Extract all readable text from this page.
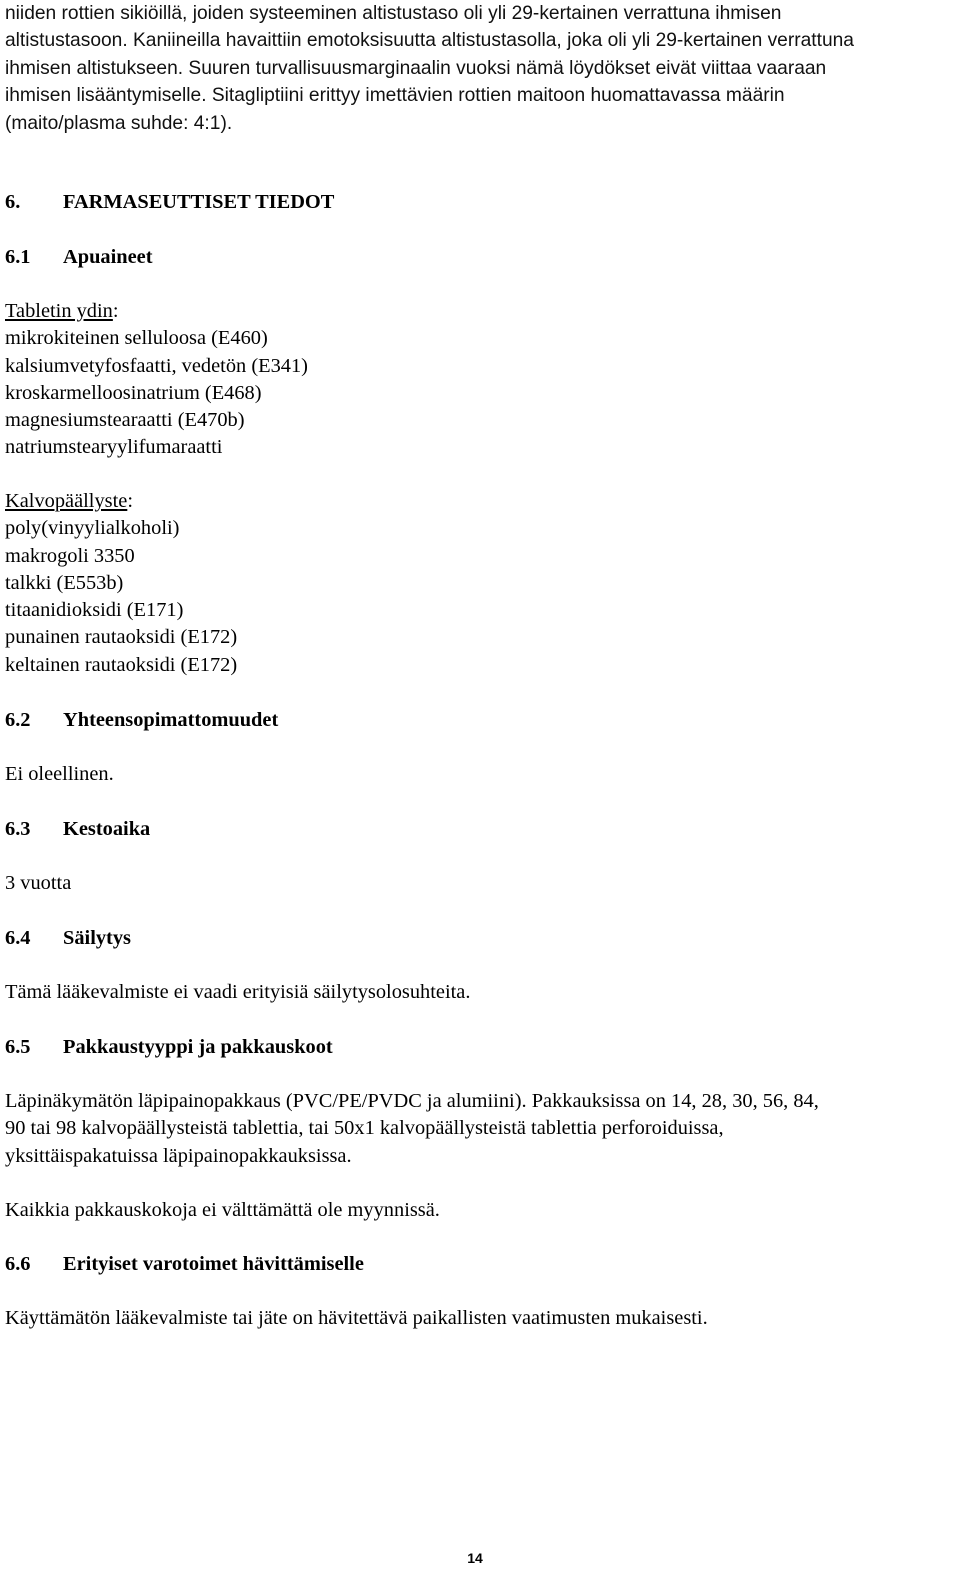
niiden rottien sikiöillä, joiden systeeminen altistustaso oli yli 29-kertainen verrattuna ihmisen
altistustasoon. Kaniineilla havaittiin emotoksisuutta altistustasolla, joka oli yli 29-kertainen verrattuna
ihmisen altistukseen. Suuren turvallisuusmarginaalin vuoksi nämä löydökset eivät viittaa vaaraan
ihmisen lisääntymiselle. Sitagliptiini erittyy imettävien rottien maitoon huomattavassa määrin
(maito/plasma suhde: 4:1).
6. FARMASEUTTISET TIEDOT
6.1 Apuaineet
Tabletin ydin:
mikrokiteinen selluloosa (E460)
kalsiumvetyfosfaatti, vedetön (E341)
kroskarmelloosinatrium (E468)
magnesiumstearaatti (E470b)
natriumstearyylifumaraatti
Kalvopäällyste:
poly(vinyylialkoholi)
makrogoli 3350
talkki (E553b)
titaanidioksidi (E171)
punainen rautaoksidi (E172)
keltainen rautaoksidi (E172)
6.2 Yhteensopimattomuudet
Ei oleellinen.
6.3 Kestoaika
3 vuotta
6.4 Säilytys
Tämä lääkevalmiste ei vaadi erityisiä säilytysolosuhteita.
6.5 Pakkaustyyppi ja pakkauskoot
Läpinäkymätön läpipainopakkaus (PVC/PE/PVDC ja alumiini). Pakkauksissa on 14, 28, 30, 56, 84,
90 tai 98 kalvopäällysteistä tablettia, tai 50x1 kalvopäällysteistä tablettia perforoiduissa,
yksittäispakatuissa läpipainopakkauksissa.
Kaikkia pakkauskokoja ei välttämättä ole myynnissä.
6.6 Erityiset varotoimet hävittämiselle
Käyttämätön lääkevalmiste tai jäte on hävitettävä paikallisten vaatimusten mukaisesti.
14
